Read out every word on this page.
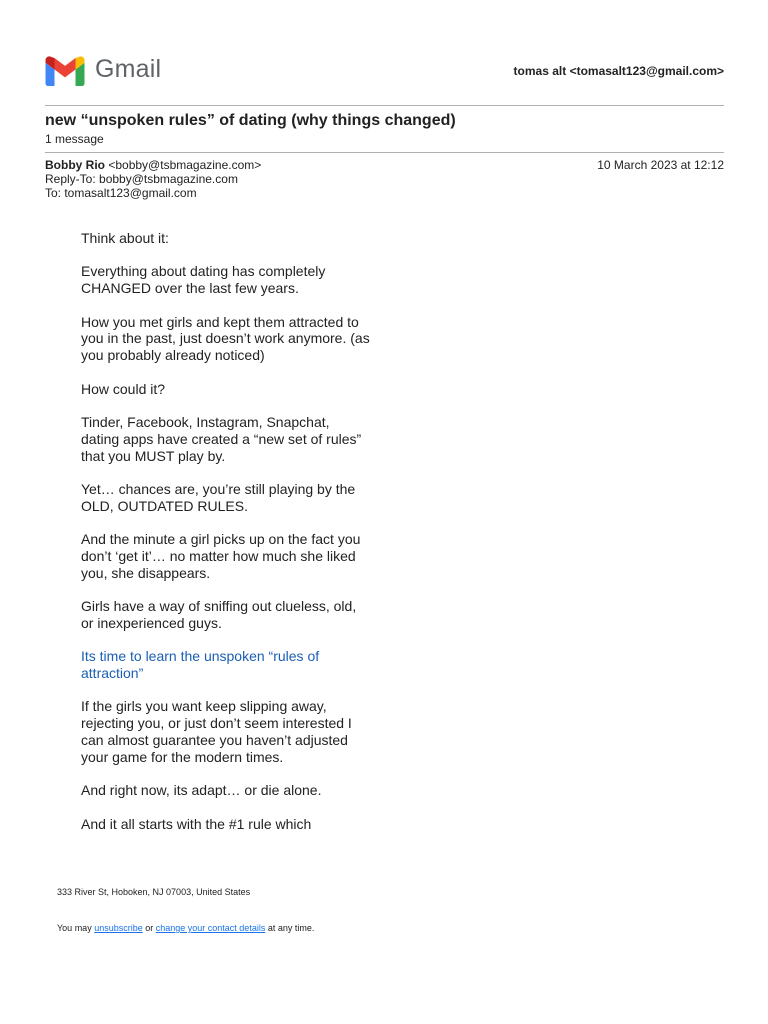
Gmail	tomas alt <tomasalt123@gmail.com>
new “unspoken rules” of dating (why things changed)
1 message
Bobby Rio <bobby@tsbmagazine.com>	10 March 2023 at 12:12
Reply-To: bobby@tsbmagazine.com
To: tomasalt123@gmail.com

Think about it:

Everything about dating has completely CHANGED over the last few years.

How you met girls and kept them attracted to you in the past, just doesn’t work anymore. (as you probably already noticed)

How could it?

Tinder, Facebook, Instagram, Snapchat, dating apps have created a “new set of rules” that you MUST play by.

Yet… chances are, you’re still playing by the OLD, OUTDATED RULES.

And the minute a girl picks up on the fact you don’t ‘get it’… no matter how much she liked you, she disappears.

Girls have a way of sniffing out clueless, old, or inexperienced guys.

Its time to learn the unspoken “rules of attraction”

If the girls you want keep slipping away, rejecting you, or just don’t seem interested I can almost guarantee you haven’t adjusted your game for the modern times.

And right now, its adapt… or die alone.

And it all starts with the #1 rule which

333 River St, Hoboken, NJ 07003, United States
You may unsubscribe or change your contact details at any time.
